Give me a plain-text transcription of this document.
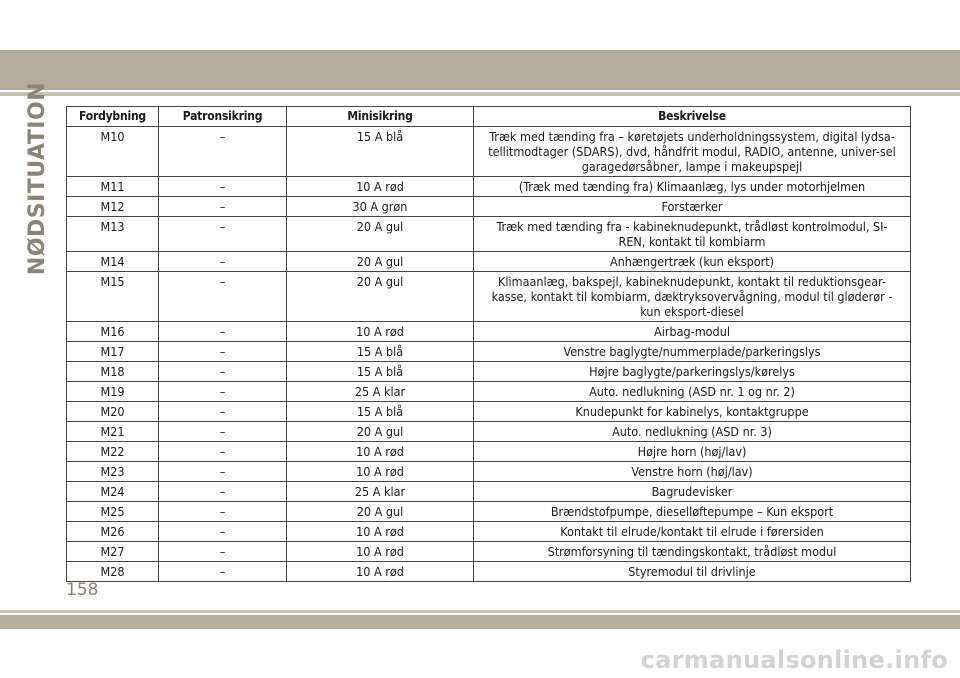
NØDSITUATION Fordybning	Patronsikring	Minisikring	Beskrivelse
M10	–	15 A blå	Træk med tænding fra – køretøjets underholdningssystem, digital lydsa-tellitmodtager (SDARS), dvd, håndfrit modul, RADIO, antenne, univer-sel garagedørsåbner, lampe i makeupspejl
M11	–	10 A rød	(Træk med tænding fra) Klimaanlæg, lys under motorhjelmen
M12	–	30 A grøn	Forstærker
M13	–	20 A gul	Træk med tænding fra - kabineknudepunkt, trådløst kontrolmodul, SI-REN, kontakt til kombiarm
M14	–	20 A gul	Anhængertræk (kun eksport)
M15	–	20 A gul	Klimaanlæg, bakspejl, kabineknudepunkt, kontakt til reduktionsgear-kasse, kontakt til kombiarm, dæktryksovervågning, modul til gløderør - kun eksport-diesel
M16	–	10 A rød	Airbag-modul
M17	–	15 A blå	Venstre baglygte/nummerplade/parkeringslys
M18	–	15 A blå	Højre baglygte/parkeringslys/kørelys
M19	–	25 A klar	Auto. nedlukning (ASD nr. 1 og nr. 2)
M20	–	15 A blå	Knudepunkt for kabinelys, kontaktgruppe
M21	–	20 A gul	Auto. nedlukning (ASD nr. 3)
M22	–	10 A rød	Højre horn (høj/lav)
M23	–	10 A rød	Venstre horn (høj/lav)
M24	–	25 A klar	Bagrudevisker
M25	–	20 A gul	Brændstofpumpe, dieselløftepumpe – Kun eksport
M26	–	10 A rød	Kontakt til elrude/kontakt til elrude i førersiden
M27	–	10 A rød	Strømforsyning til tændingskontakt, trådløst modul
M28	–	10 A rød	Styremodul til drivlinje
158
carmanualsonline.info
